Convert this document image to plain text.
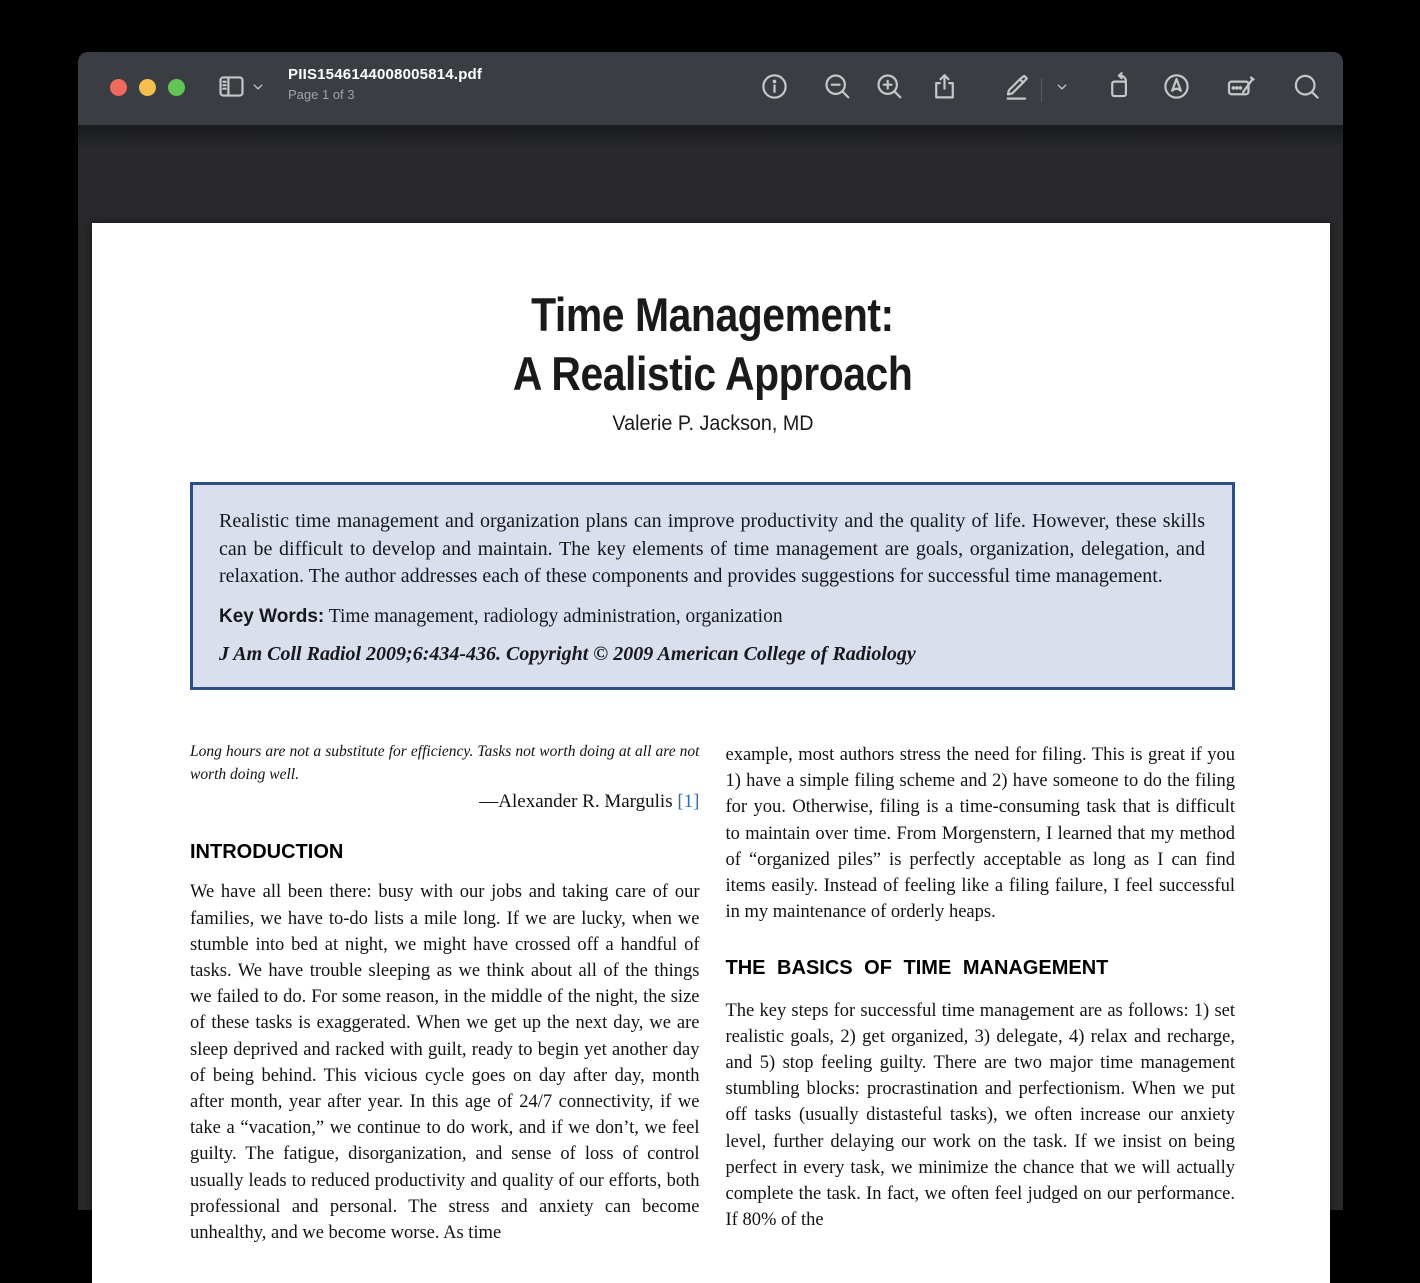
PIIS1546144008005814.pdf
Page 1 of 3
Time Management:
A Realistic Approach
Valerie P. Jackson, MD
Realistic time management and organization plans can improve productivity and the quality of life. However, these skills can be difficult to develop and maintain. The key elements of time management are goals, organization, delegation, and relaxation. The author addresses each of these components and provides suggestions for successful time management.
Key Words: Time management, radiology administration, organization
J Am Coll Radiol 2009;6:434-436. Copyright © 2009 American College of Radiology
Long hours are not a substitute for efficiency. Tasks not worth doing at all are not worth doing well.
—Alexander R. Margulis [1]
INTRODUCTION
We have all been there: busy with our jobs and taking care of our families, we have to-do lists a mile long. If we are lucky, when we stumble into bed at night, we might have crossed off a handful of tasks. We have trouble sleeping as we think about all of the things we failed to do. For some reason, in the middle of the night, the size of these tasks is exaggerated. When we get up the next day, we are sleep deprived and racked with guilt, ready to begin yet another day of being behind. This vicious cycle goes on day after day, month after month, year after year. In this age of 24/7 connectivity, if we take a “vacation,” we continue to do work, and if we don’t, we feel guilty. The fatigue, disorganization, and sense of loss of control usually leads to reduced productivity and quality of our efforts, both professional and personal. The stress and anxiety can become unhealthy, and we become worse. As time
example, most authors stress the need for filing. This is great if you 1) have a simple filing scheme and 2) have someone to do the filing for you. Otherwise, filing is a time-consuming task that is difficult to maintain over time. From Morgenstern, I learned that my method of “organized piles” is perfectly acceptable as long as I can find items easily. Instead of feeling like a filing failure, I feel successful in my maintenance of orderly heaps.
THE BASICS OF TIME MANAGEMENT
The key steps for successful time management are as follows: 1) set realistic goals, 2) get organized, 3) delegate, 4) relax and recharge, and 5) stop feeling guilty. There are two major time management stumbling blocks: procrastination and perfectionism. When we put off tasks (usually distasteful tasks), we often increase our anxiety level, further delaying our work on the task. If we insist on being perfect in every task, we minimize the chance that we will actually complete the task. In fact, we often feel judged on our performance. If 80% of the
